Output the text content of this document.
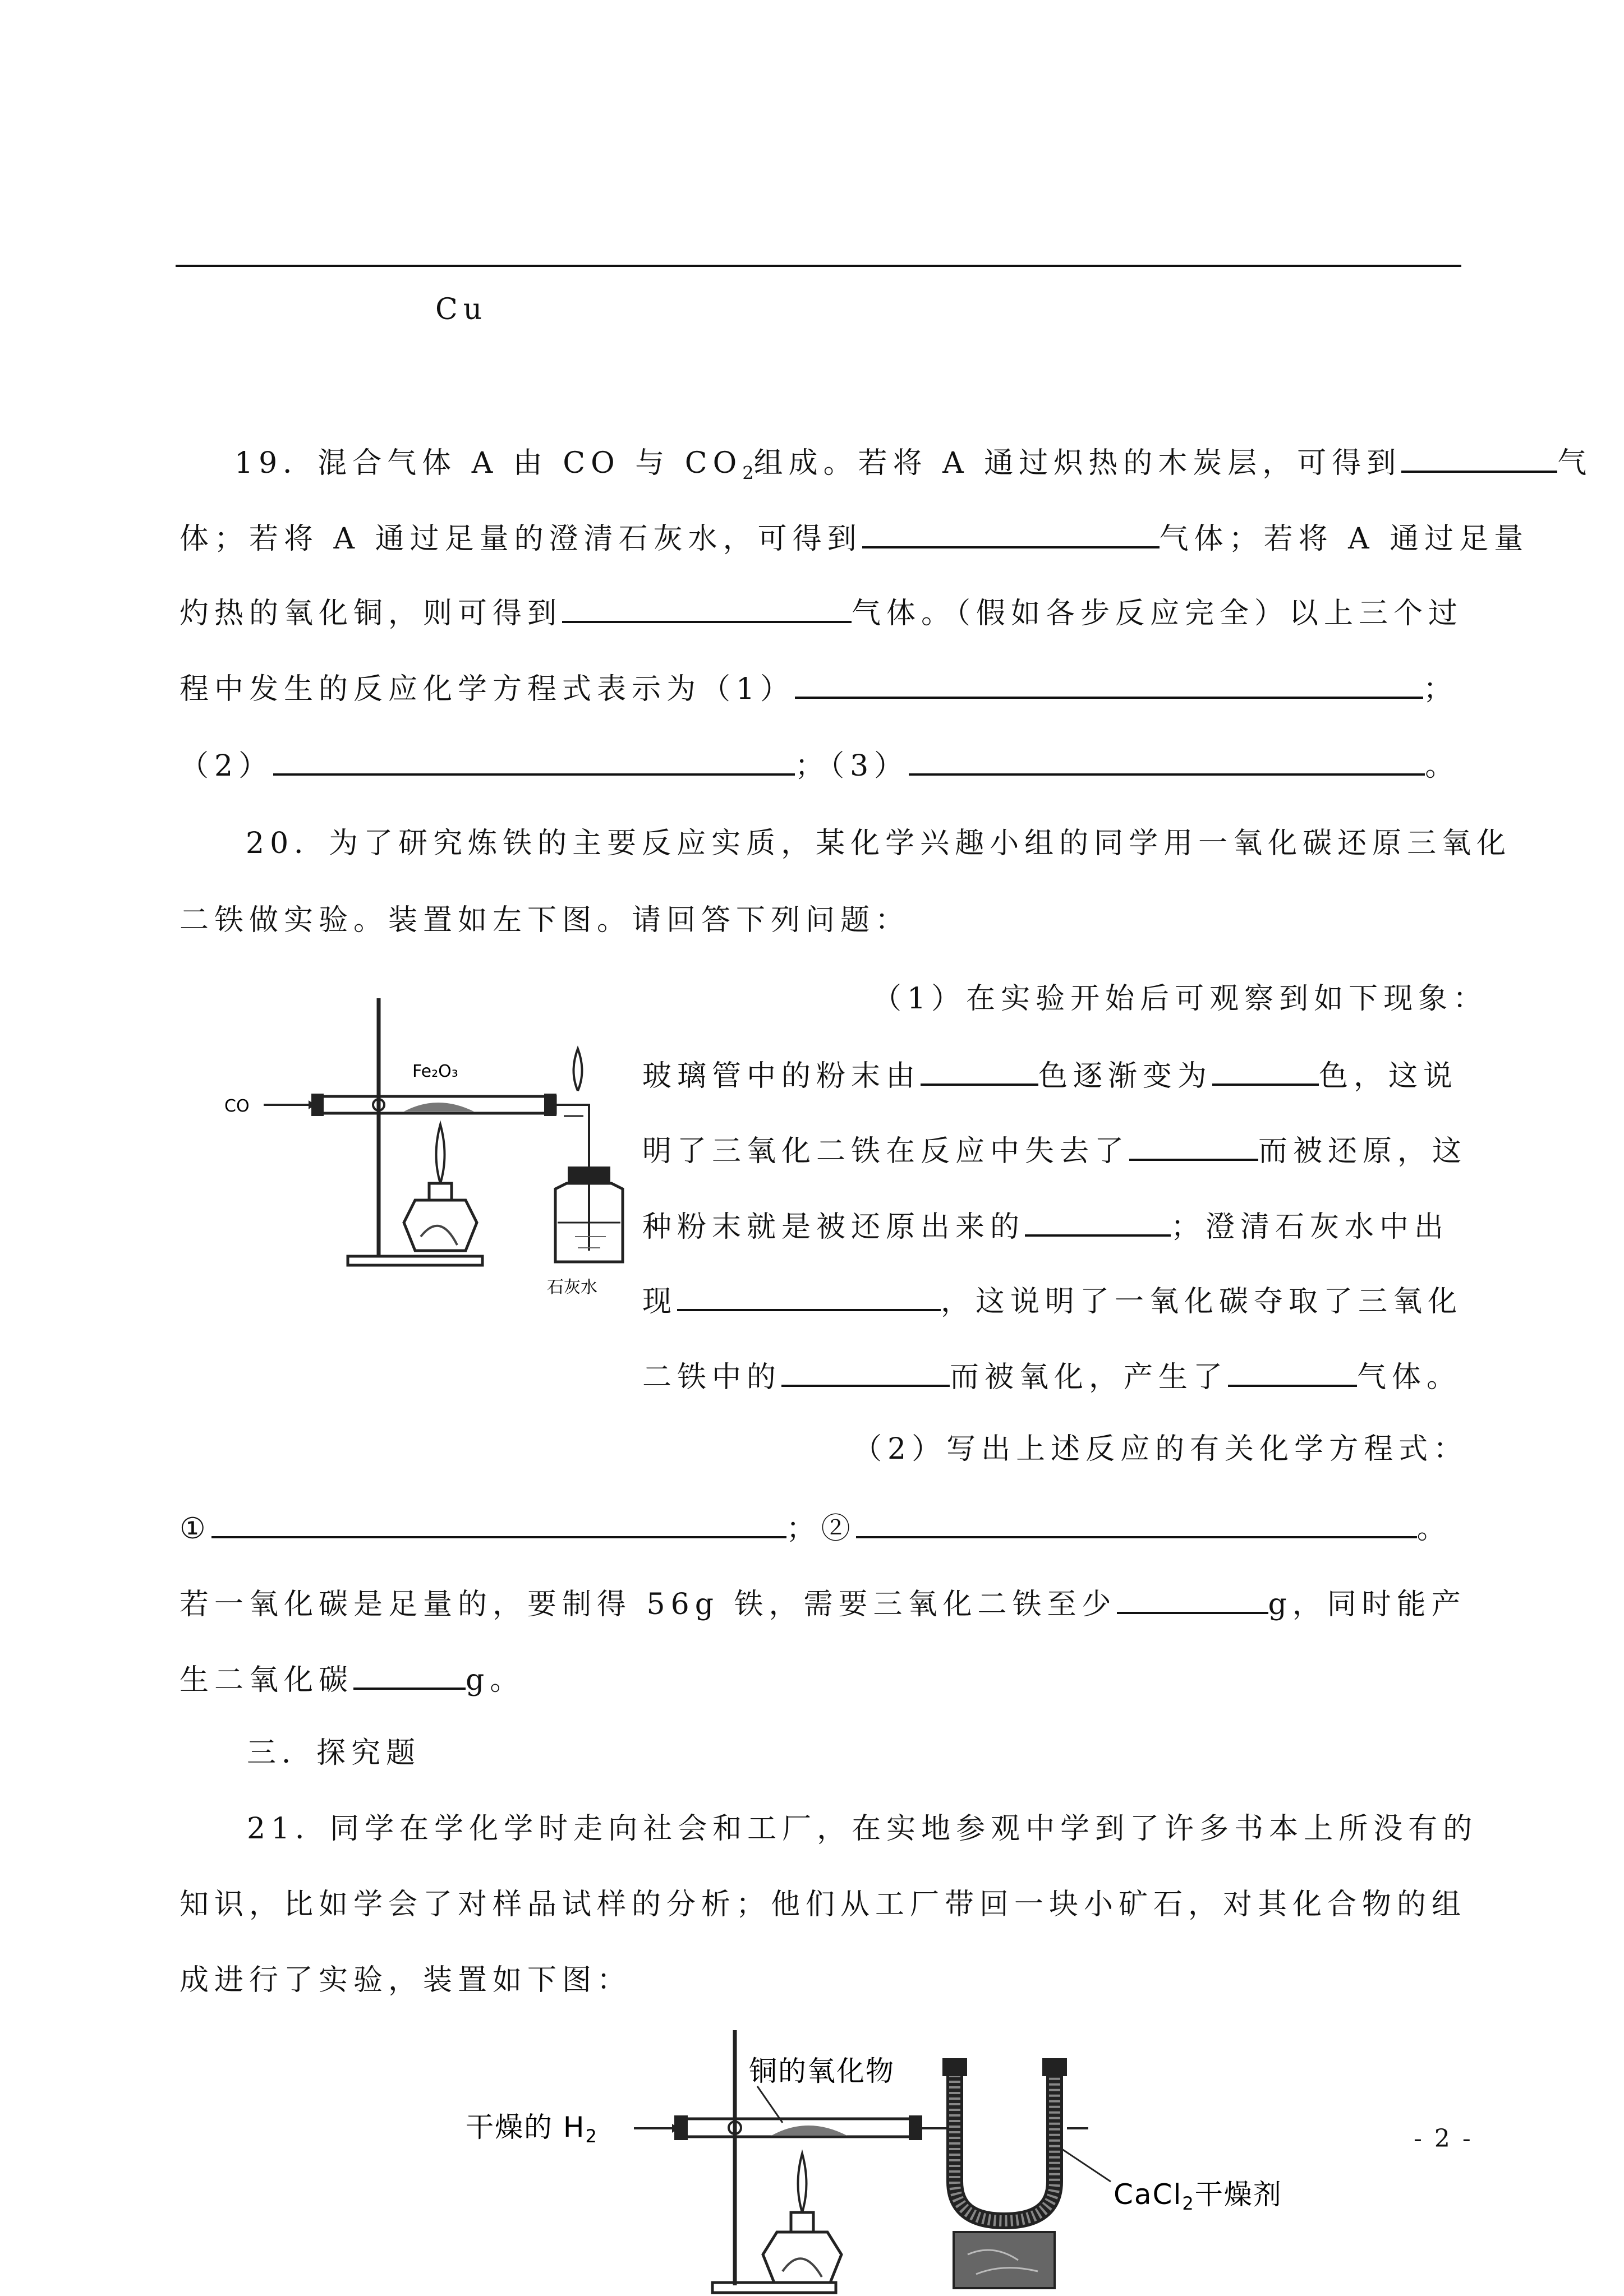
Cu
19．混合气体 A 由 CO 与 $CO_2$组成。若将 A 通过炽热的木炭层，可得到	气
体；若将 A 通过足量的澄清石灰水，可得到	气体；若将 A 通过足量
灼热的氧化铜，则可得到	气体。（假如各步反应完全）以上三个过
程中发生的反应化学方程式表示为（1）	；
（2）	；（3）	。
20．为了研究炼铁的主要反应实质，某化学兴趣小组的同学用一氧化碳还原三氧化
二铁做实验。装置如左下图。请回答下列问题：
CO
Fe₂O₃
石灰水
（1）在实验开始后可观察到如下现象：
玻璃管中的粉末由	色逐渐变为	色，这说
明了三氧化二铁在反应中失去了	而被还原，这
种粉末就是被还原出来的	；澄清石灰水中出
现	，这说明了一氧化碳夺取了三氧化
二铁中的	而被氧化，产生了	气体。
（2）写出上述反应的有关化学方程式：
①	；②	。
若一氧化碳是足量的，要制得 56g 铁，需要三氧化二铁至少	g，同时能产
生二氧化碳	g。
三．探究题
21．同学在学化学时走向社会和工厂，在实地参观中学到了许多书本上所没有的
知识，比如学会了对样品试样的分析；他们从工厂带回一块小矿石，对其化合物的组
成进行了实验，装置如下图：
干燥的 $H_2$
铜的氧化物
CaCl$_2$干燥剂
- 2 -
